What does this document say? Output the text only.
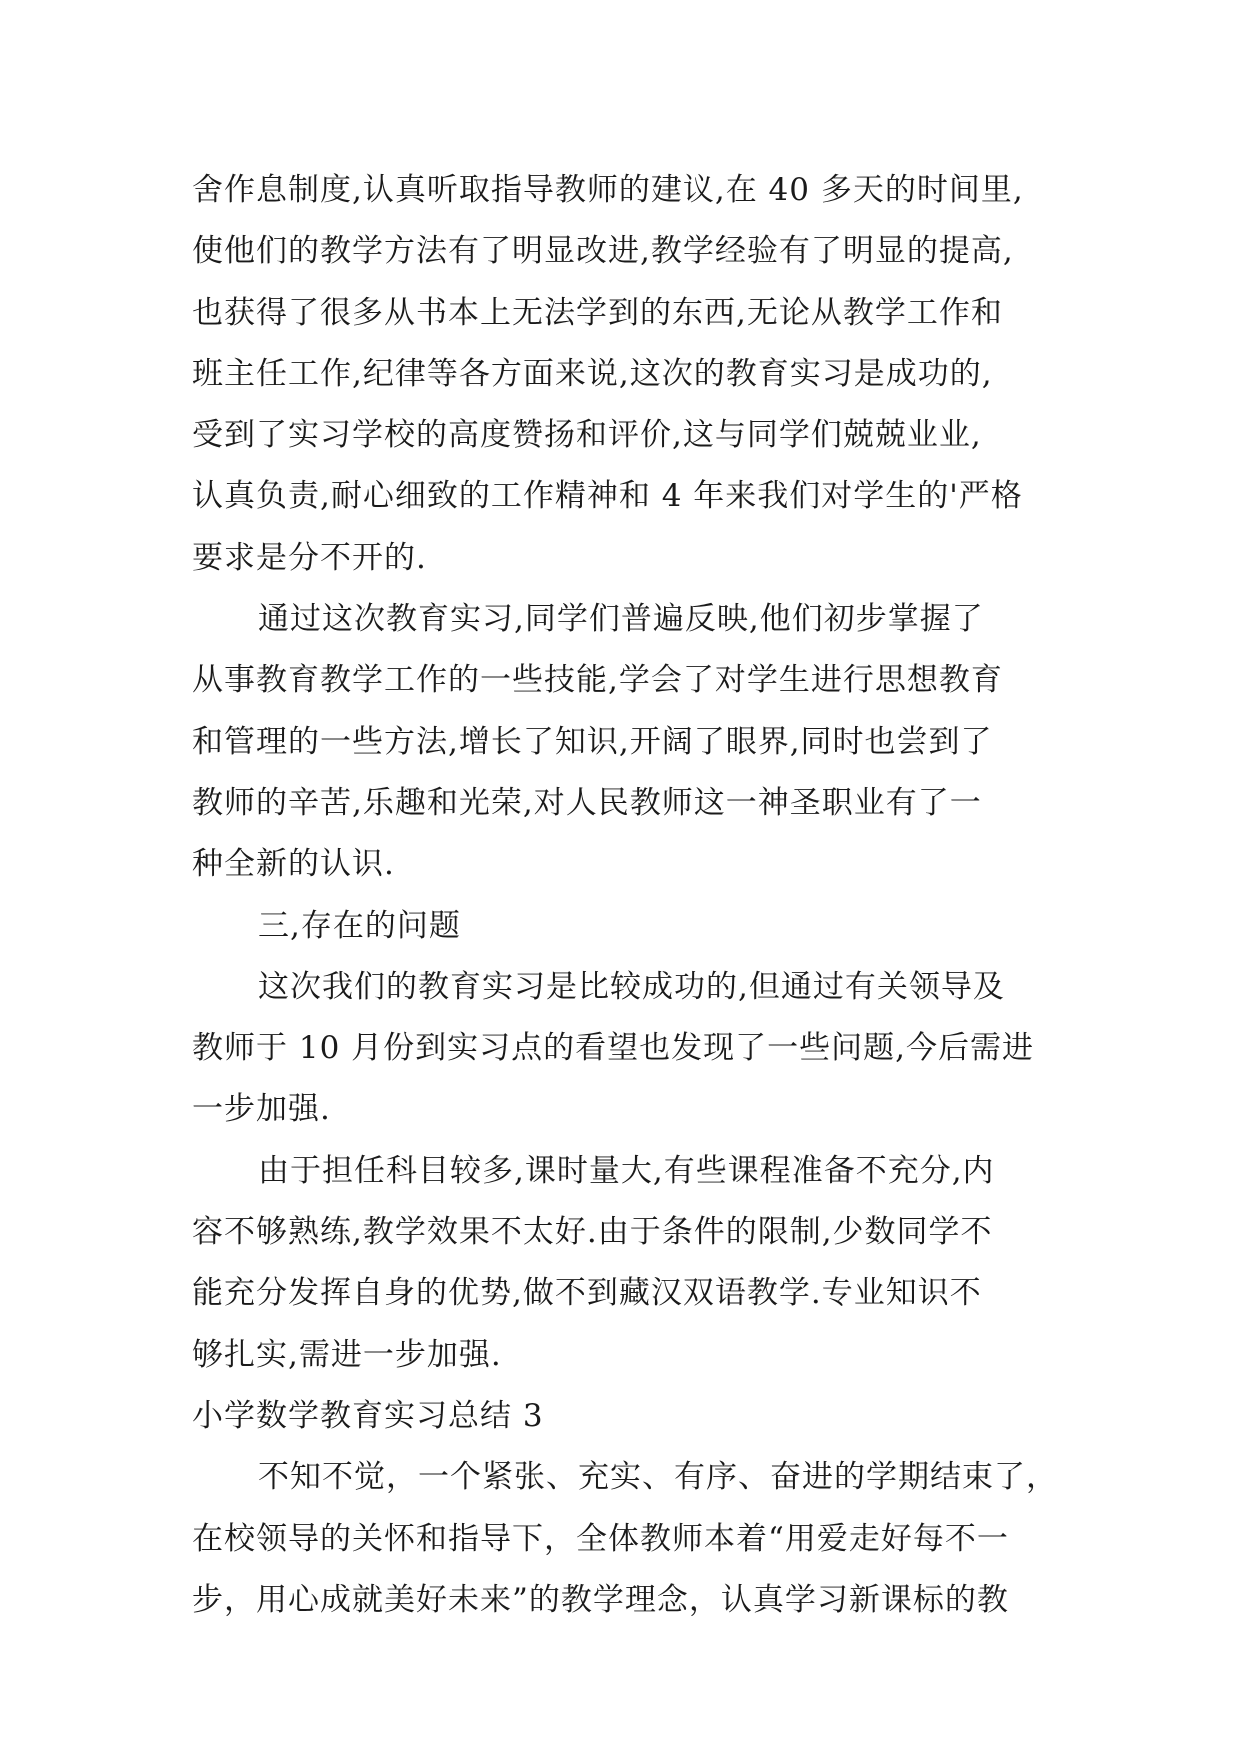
舍作息制度,认真听取指导教师的建议,在 40 多天的时间里,
使他们的教学方法有了明显改进,教学经验有了明显的提高,
也获得了很多从书本上无法学到的东西,无论从教学工作和
班主任工作,纪律等各方面来说,这次的教育实习是成功的,
受到了实习学校的高度赞扬和评价,这与同学们兢兢业业,
认真负责,耐心细致的工作精神和 4 年来我们对学生的'严格
要求是分不开的.
通过这次教育实习,同学们普遍反映,他们初步掌握了
从事教育教学工作的一些技能,学会了对学生进行思想教育
和管理的一些方法,增长了知识,开阔了眼界,同时也尝到了
教师的辛苦,乐趣和光荣,对人民教师这一神圣职业有了一
种全新的认识.
三,存在的问题
这次我们的教育实习是比较成功的,但通过有关领导及
教师于 10 月份到实习点的看望也发现了一些问题,今后需进
一步加强.
由于担任科目较多,课时量大,有些课程准备不充分,内
容不够熟练,教学效果不太好.由于条件的限制,少数同学不
能充分发挥自身的优势,做不到藏汉双语教学.专业知识不
够扎实,需进一步加强.
小学数学教育实习总结 3
不知不觉，一个紧张、充实、有序、奋进的学期结束了，
在校领导的关怀和指导下，全体教师本着“用爱走好每不一
步，用心成就美好未来”的教学理念，认真学习新课标的教
